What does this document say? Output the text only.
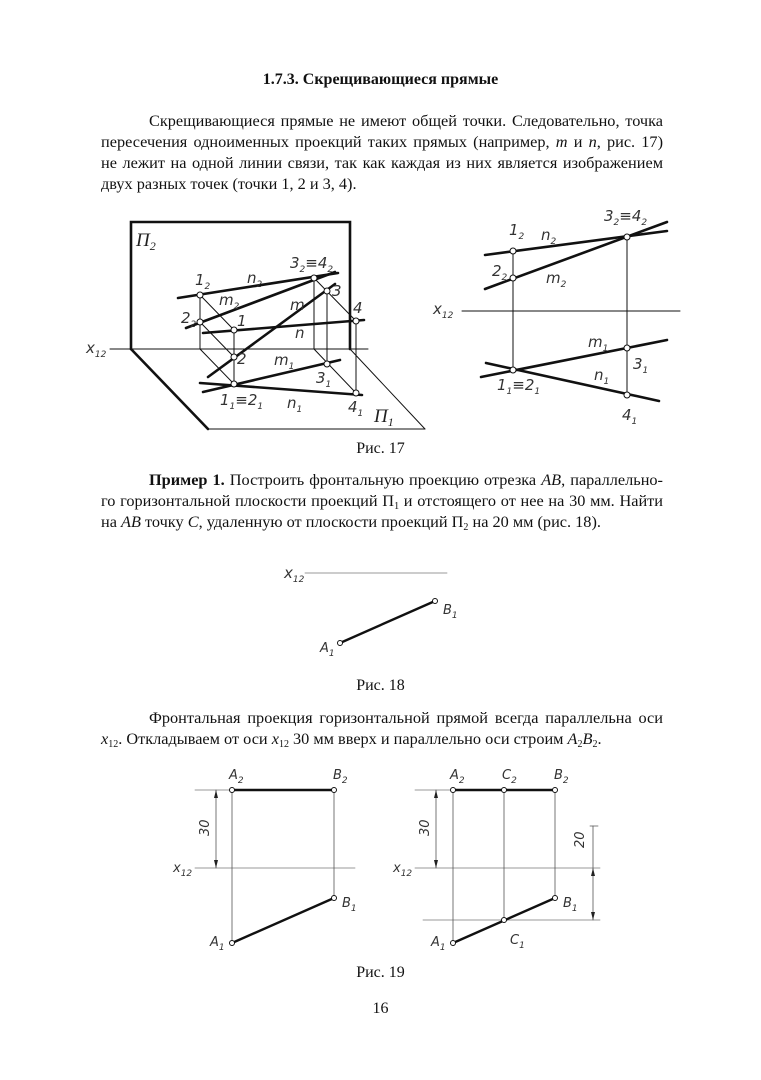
1.7.3. Скрещивающиеся прямые
Скрещивающиеся прямые не имеют общей точки. Следовательно, точка
пересечения одноименных проекций таких прямых (например, m и n, рис. 17)
не лежит на одной линии связи, так как каждая из них является изображением
двух разных точек (точки 1, 2 и 3, 4).
$\Pi_2$
$\Pi_1$
$x_{12}$
$1_2$
$2_2$
$n_2$
$m_2$
$3_2\equiv 4_2$
3
4
1
2
m
n
$m_1$
$3_1$
$1_1\equiv 2_1$ $n_1$	$4_1$
$x_{12}$
$1_2$ $n_2$
$3_2\equiv 4_2$
$2_2$	$m_2$
$m_1$
$3_1$
$1_1\equiv 2_1$
$n_1$
$4_1$
$x_{12}$
$A_1$
$B_1$
$x_{12}$
$A_2$	$B_2$
$A_1$
$B_1$
30
$x_{12}$
$A_2$	$C_2$	$B_2$
$A_1$	$C_1$
$B_1$
30
20
Рис. 17
Пример 1. Построить фронтальную проекцию отрезка AB, параллельно-
го горизонтальной плоскости проекций $П_1$ и отстоящего от нее на 30 мм. Найти
на AB точку C, удаленную от плоскости проекций $П_2$ на 20 мм (рис. 18).
Рис. 18
Фронтальная проекция горизонтальной прямой всегда параллельна оси
$x_{12}$. Откладываем от оси $x_{12}$ 30 мм вверх и параллельно оси строим $A_2B_2$.
Рис. 19
16
